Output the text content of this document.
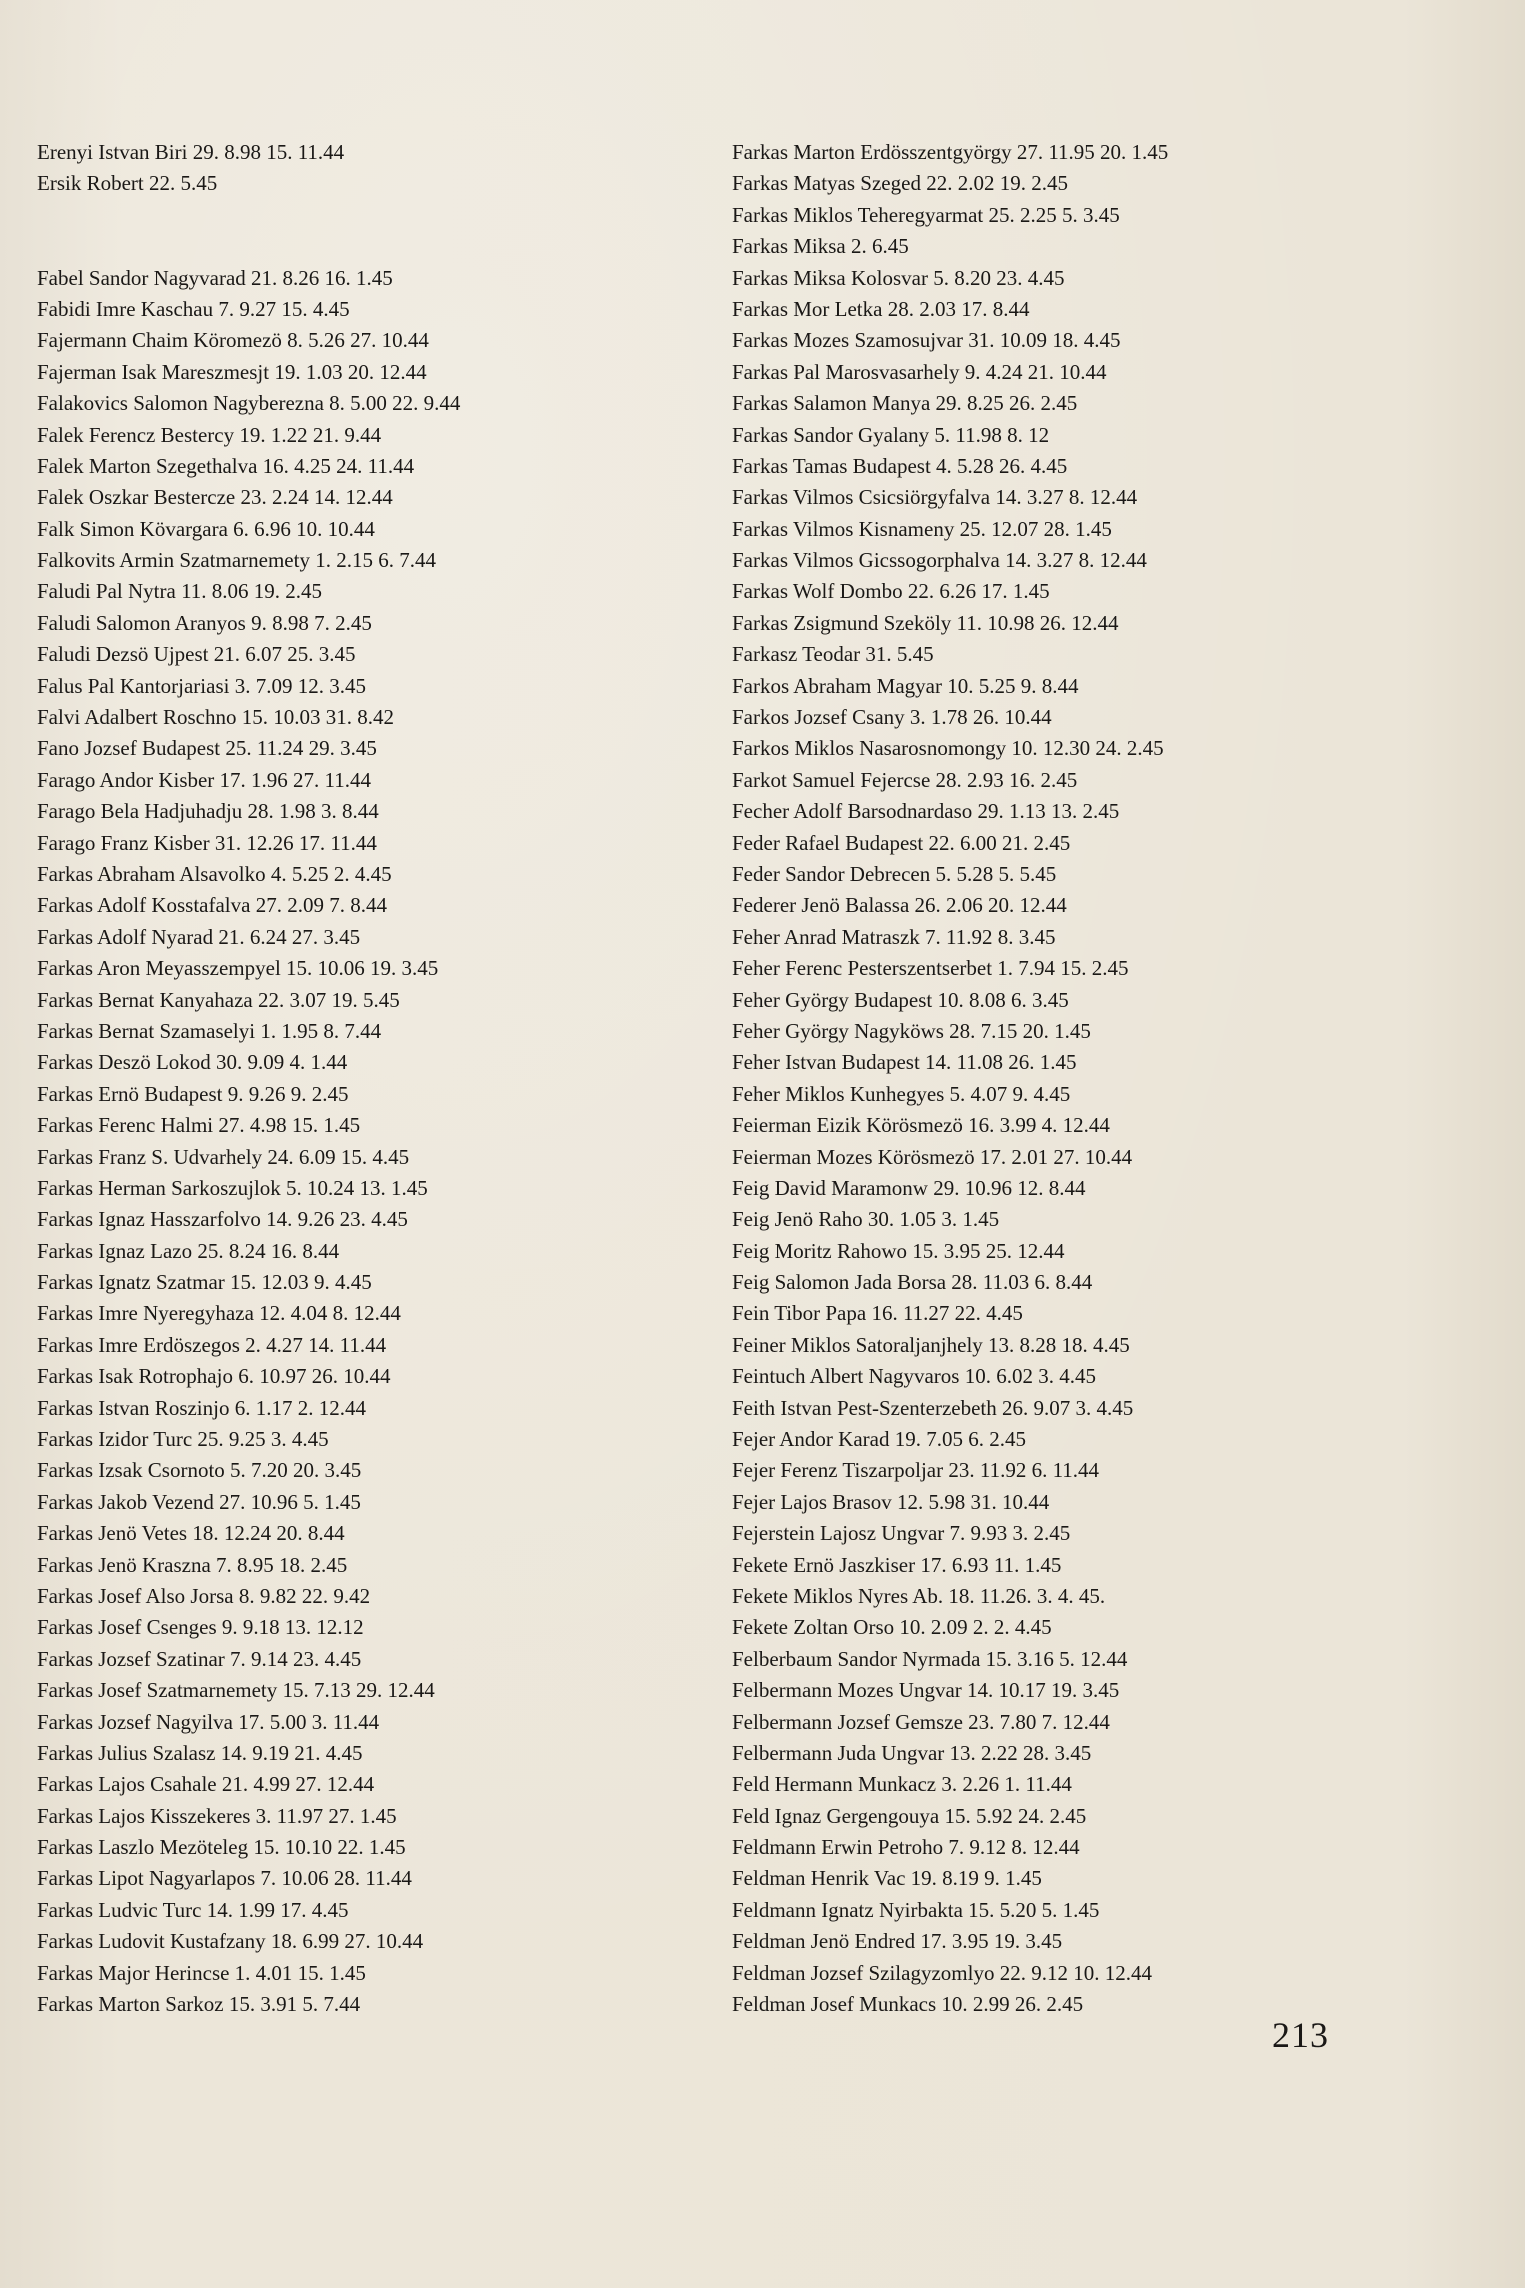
Erenyi Istvan Biri 29. 8.98 15. 11.44
Ersik Robert 22. 5.45
Fabel Sandor Nagyvarad 21. 8.26 16. 1.45
Fabidi Imre Kaschau 7. 9.27 15. 4.45
Fajermann Chaim Köromezö 8. 5.26 27. 10.44
Fajerman Isak Mareszmesjt 19. 1.03 20. 12.44
Falakovics Salomon Nagyberezna 8. 5.00 22. 9.44
Falek Ferencz Bestercy 19. 1.22 21. 9.44
Falek Marton Szegethalva 16. 4.25 24. 11.44
Falek Oszkar Bestercze 23. 2.24 14. 12.44
Falk Simon Kövargara 6. 6.96 10. 10.44
Falkovits Armin Szatmarnemety 1. 2.15 6. 7.44
Faludi Pal Nytra 11. 8.06 19. 2.45
Faludi Salomon Aranyos 9. 8.98 7. 2.45
Faludi Dezsö Ujpest 21. 6.07 25. 3.45
Falus Pal Kantorjariasi 3. 7.09 12. 3.45
Falvi Adalbert Roschno 15. 10.03 31. 8.42
Fano Jozsef Budapest 25. 11.24 29. 3.45
Farago Andor Kisber 17. 1.96 27. 11.44
Farago Bela Hadjuhadju 28. 1.98 3. 8.44
Farago Franz Kisber 31. 12.26 17. 11.44
Farkas Abraham Alsavolko 4. 5.25 2. 4.45
Farkas Adolf Kosstafalva 27. 2.09 7. 8.44
Farkas Adolf Nyarad 21. 6.24 27. 3.45
Farkas Aron Meyasszempyel 15. 10.06 19. 3.45
Farkas Bernat Kanyahaza 22. 3.07 19. 5.45
Farkas Bernat Szamaselyi 1. 1.95 8. 7.44
Farkas Deszö Lokod 30. 9.09 4. 1.44
Farkas Ernö Budapest 9. 9.26 9. 2.45
Farkas Ferenc Halmi 27. 4.98 15. 1.45
Farkas Franz S. Udvarhely 24. 6.09 15. 4.45
Farkas Herman Sarkoszujlok 5. 10.24 13. 1.45
Farkas Ignaz Hasszarfolvo 14. 9.26 23. 4.45
Farkas Ignaz Lazo 25. 8.24 16. 8.44
Farkas Ignatz Szatmar 15. 12.03 9. 4.45
Farkas Imre Nyeregyhaza 12. 4.04 8. 12.44
Farkas Imre Erdöszegos 2. 4.27 14. 11.44
Farkas Isak Rotrophajo 6. 10.97 26. 10.44
Farkas Istvan Roszinjo 6. 1.17 2. 12.44
Farkas Izidor Turc 25. 9.25 3. 4.45
Farkas Izsak Csornoto 5. 7.20 20. 3.45
Farkas Jakob Vezend 27. 10.96 5. 1.45
Farkas Jenö Vetes 18. 12.24 20. 8.44
Farkas Jenö Kraszna 7. 8.95 18. 2.45
Farkas Josef Also Jorsa 8. 9.82 22. 9.42
Farkas Josef Csenges 9. 9.18 13. 12.12
Farkas Jozsef Szatinar 7. 9.14 23. 4.45
Farkas Josef Szatmarnemety 15. 7.13 29. 12.44
Farkas Jozsef Nagyilva 17. 5.00 3. 11.44
Farkas Julius Szalasz 14. 9.19 21. 4.45
Farkas Lajos Csahale 21. 4.99 27. 12.44
Farkas Lajos Kisszekeres 3. 11.97 27. 1.45
Farkas Laszlo Mezöteleg 15. 10.10 22. 1.45
Farkas Lipot Nagyarlapos 7. 10.06 28. 11.44
Farkas Ludvic Turc 14. 1.99 17. 4.45
Farkas Ludovit Kustafzany 18. 6.99 27. 10.44
Farkas Major Herincse 1. 4.01 15. 1.45
Farkas Marton Sarkoz 15. 3.91 5. 7.44
Farkas Marton Erdösszentgyörgy 27. 11.95 20. 1.45
Farkas Matyas Szeged 22. 2.02 19. 2.45
Farkas Miklos Teheregyarmat 25. 2.25 5. 3.45
Farkas Miksa 2. 6.45
Farkas Miksa Kolosvar 5. 8.20 23. 4.45
Farkas Mor Letka 28. 2.03 17. 8.44
Farkas Mozes Szamosujvar 31. 10.09 18. 4.45
Farkas Pal Marosvasarhely 9. 4.24 21. 10.44
Farkas Salamon Manya 29. 8.25 26. 2.45
Farkas Sandor Gyalany 5. 11.98 8. 12
Farkas Tamas Budapest 4. 5.28 26. 4.45
Farkas Vilmos Csicsiörgyfalva 14. 3.27 8. 12.44
Farkas Vilmos Kisnameny 25. 12.07 28. 1.45
Farkas Vilmos Gicssogorphalva 14. 3.27 8. 12.44
Farkas Wolf Dombo 22. 6.26 17. 1.45
Farkas Zsigmund Szeköly 11. 10.98 26. 12.44
Farkasz Teodar 31. 5.45
Farkos Abraham Magyar 10. 5.25 9. 8.44
Farkos Jozsef Csany 3. 1.78 26. 10.44
Farkos Miklos Nasarosnomongy 10. 12.30 24. 2.45
Farkot Samuel Fejercse 28. 2.93 16. 2.45
Fecher Adolf Barsodnardaso 29. 1.13 13. 2.45
Feder Rafael Budapest 22. 6.00 21. 2.45
Feder Sandor Debrecen 5. 5.28 5. 5.45
Federer Jenö Balassa 26. 2.06 20. 12.44
Feher Anrad Matraszk 7. 11.92 8. 3.45
Feher Ferenc Pesterszentserbet 1. 7.94 15. 2.45
Feher György Budapest 10. 8.08 6. 3.45
Feher György Nagyköws 28. 7.15 20. 1.45
Feher Istvan Budapest 14. 11.08 26. 1.45
Feher Miklos Kunhegyes 5. 4.07 9. 4.45
Feierman Eizik Körösmezö 16. 3.99 4. 12.44
Feierman Mozes Körösmezö 17. 2.01 27. 10.44
Feig David Maramonw 29. 10.96 12. 8.44
Feig Jenö Raho 30. 1.05 3. 1.45
Feig Moritz Rahowo 15. 3.95 25. 12.44
Feig Salomon Jada Borsa 28. 11.03 6. 8.44
Fein Tibor Papa 16. 11.27 22. 4.45
Feiner Miklos Satoraljanjhely 13. 8.28 18. 4.45
Feintuch Albert Nagyvaros 10. 6.02 3. 4.45
Feith Istvan Pest-Szenterzebeth 26. 9.07 3. 4.45
Fejer Andor Karad 19. 7.05 6. 2.45
Fejer Ferenz Tiszarpoljar 23. 11.92 6. 11.44
Fejer Lajos Brasov 12. 5.98 31. 10.44
Fejerstein Lajosz Ungvar 7. 9.93 3. 2.45
Fekete Ernö Jaszkiser 17. 6.93 11. 1.45
Fekete Miklos Nyres Ab. 18. 11.26. 3. 4. 45.
Fekete Zoltan Orso 10. 2.09 2. 2. 4.45
Felberbaum Sandor Nyrmada 15. 3.16 5. 12.44
Felbermann Mozes Ungvar 14. 10.17 19. 3.45
Felbermann Jozsef Gemsze 23. 7.80 7. 12.44
Felbermann Juda Ungvar 13. 2.22 28. 3.45
Feld Hermann Munkacz 3. 2.26 1. 11.44
Feld Ignaz Gergengouya 15. 5.92 24. 2.45
Feldmann Erwin Petroho 7. 9.12 8. 12.44
Feldman Henrik Vac 19. 8.19 9. 1.45
Feldmann Ignatz Nyirbakta 15. 5.20 5. 1.45
Feldman Jenö Endred 17. 3.95 19. 3.45
Feldman Jozsef Szilagyzomlyo 22. 9.12 10. 12.44
Feldman Josef Munkacs 10. 2.99 26. 2.45
213
